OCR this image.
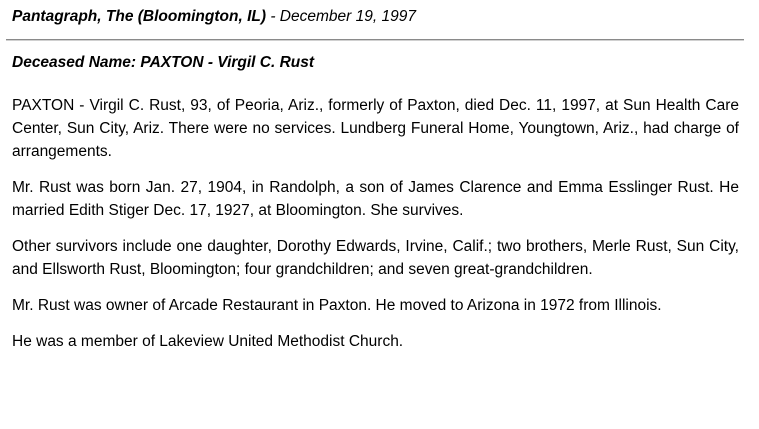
Pantagraph, The (Bloomington, IL) - December 19, 1997
Deceased Name: PAXTON - Virgil C. Rust

PAXTON - Virgil C. Rust, 93, of Peoria, Ariz., formerly of Paxton, died Dec. 11, 1997, at Sun Health Care Center, Sun City, Ariz. There were no services. Lundberg Funeral Home, Youngtown, Ariz., had charge of arrangements.

Mr. Rust was born Jan. 27, 1904, in Randolph, a son of James Clarence and Emma Esslinger Rust. He married Edith Stiger Dec. 17, 1927, at Bloomington. She survives.

Other survivors include one daughter, Dorothy Edwards, Irvine, Calif.; two brothers, Merle Rust, Sun City, and Ellsworth Rust, Bloomington; four grandchildren; and seven great-grandchildren.

Mr. Rust was owner of Arcade Restaurant in Paxton. He moved to Arizona in 1972 from Illinois.

He was a member of Lakeview United Methodist Church.
